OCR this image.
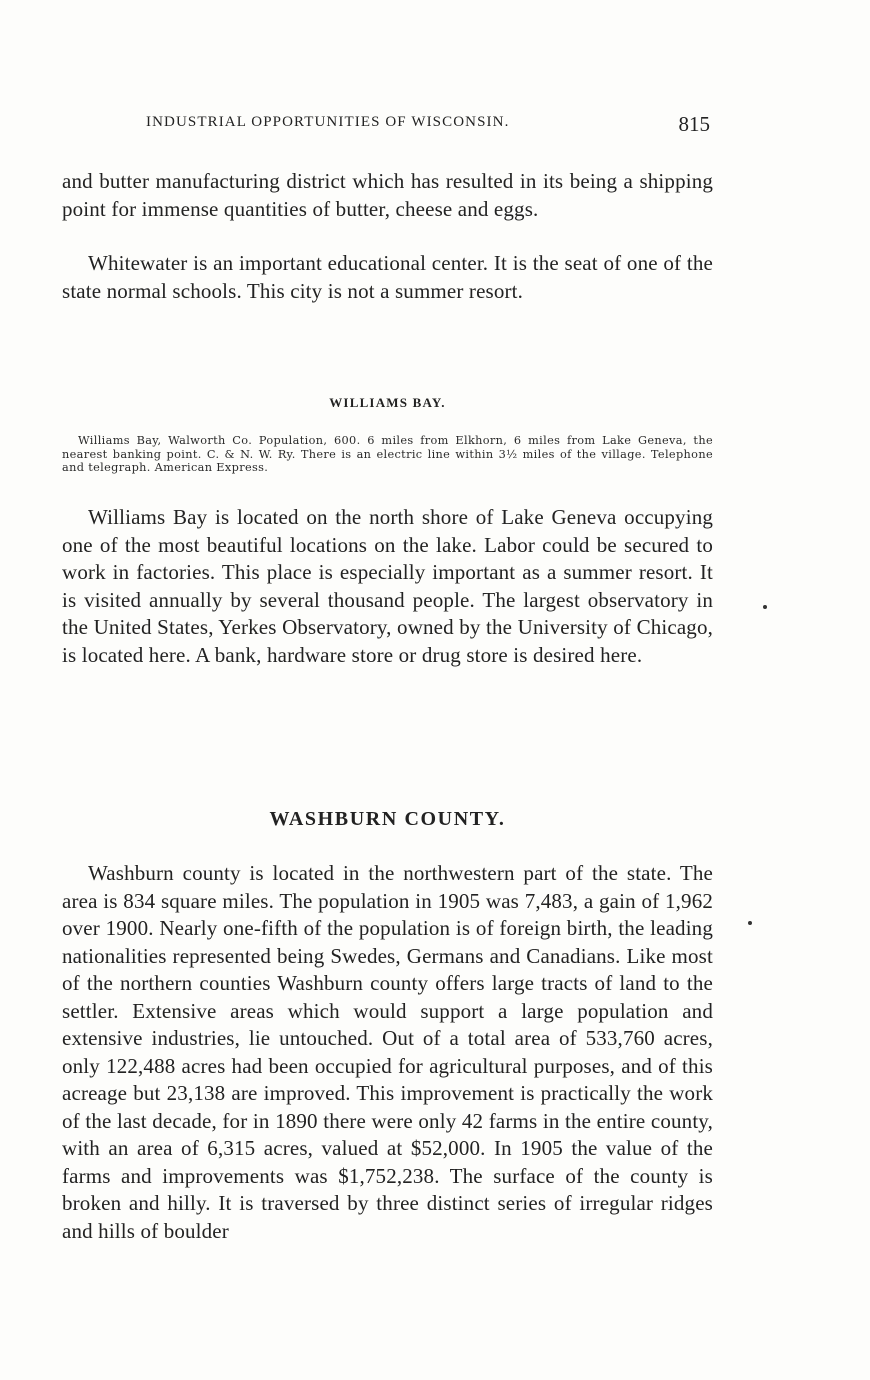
INDUSTRIAL OPPORTUNITIES OF WISCONSIN.	815

and butter manufacturing district which has resulted in its being a shipping point for immense quantities of butter, cheese and eggs.

Whitewater is an important educational center. It is the seat of one of the state normal schools. This city is not a summer resort.

WILLIAMS BAY.

Williams Bay, Walworth Co. Population, 600. 6 miles from Elkhorn, 6 miles from Lake Geneva, the nearest banking point. C. & N. W. Ry. There is an electric line within 3½ miles of the village. Telephone and telegraph. American Express.

Williams Bay is located on the north shore of Lake Geneva occupying one of the most beautiful locations on the lake. Labor could be secured to work in factories. This place is especially important as a summer resort. It is visited annually by several thousand people. The largest observatory in the United States, Yerkes Observatory, owned by the University of Chicago, is located here. A bank, hardware store or drug store is desired here.

WASHBURN COUNTY.

Washburn county is located in the northwestern part of the state. The area is 834 square miles. The population in 1905 was 7,483, a gain of 1,962 over 1900. Nearly one-fifth of the population is of foreign birth, the leading nationalities represented being Swedes, Germans and Canadians. Like most of the northern counties Washburn county offers large tracts of land to the settler. Extensive areas which would support a large population and extensive industries, lie untouched. Out of a total area of 533,760 acres, only 122,488 acres had been occupied for agricultural purposes, and of this acreage but 23,138 are improved. This improvement is practically the work of the last decade, for in 1890 there were only 42 farms in the entire county, with an area of 6,315 acres, valued at $52,000. In 1905 the value of the farms and improvements was $1,752,238. The surface of the county is broken and hilly. It is traversed by three distinct series of irregular ridges and hills of boulder
